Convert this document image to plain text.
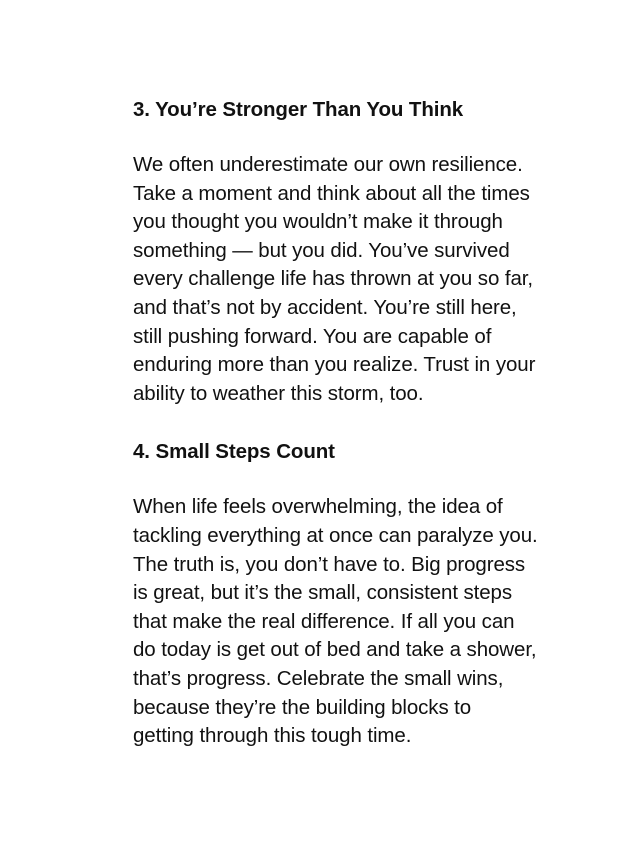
3. You’re Stronger Than You Think

We often underestimate our own resilience.
Take a moment and think about all the times
you thought you wouldn’t make it through
something — but you did. You’ve survived
every challenge life has thrown at you so far,
and that’s not by accident. You’re still here,
still pushing forward. You are capable of
enduring more than you realize. Trust in your
ability to weather this storm, too.

4. Small Steps Count

When life feels overwhelming, the idea of
tackling everything at once can paralyze you.
The truth is, you don’t have to. Big progress
is great, but it’s the small, consistent steps
that make the real difference. If all you can
do today is get out of bed and take a shower,
that’s progress. Celebrate the small wins,
because they’re the building blocks to
getting through this tough time.
